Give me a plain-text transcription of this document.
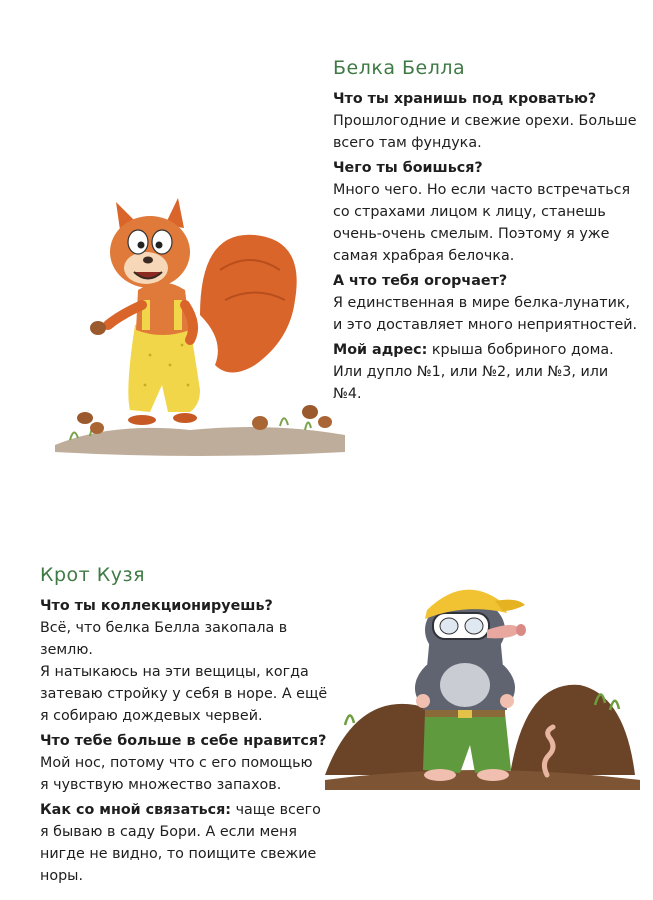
Белка Белла
Что ты хранишь под кроватью?
Прошлогодние и свежие орехи. Больше
всего там фундука.
Чего ты боишься?
Много чего. Но если часто встречаться
со страхами лицом к лицу, станешь
очень-очень смелым. Поэтому я уже
самая храбрая белочка.
А что тебя огорчает?
Я единственная в мире белка-лунатик,
и это доставляет много неприятностей.
Мой адрес: крыша бобриного дома.
Или дупло №1, или №2, или №3, или №4.
Крот Кузя
Что ты коллекционируешь?
Всё, что белка Белла закопала в землю.
Я натыкаюсь на эти вещицы, когда
затеваю стройку у себя в норе. А ещё
я собираю дождевых червей.
Что тебе больше в себе нравится?
Мой нос, потому что с его помощью
я чувствую множество запахов.
Как со мной связаться: чаще всего
я бываю в саду Бори. А если меня
нигде не видно, то поищите свежие норы.
